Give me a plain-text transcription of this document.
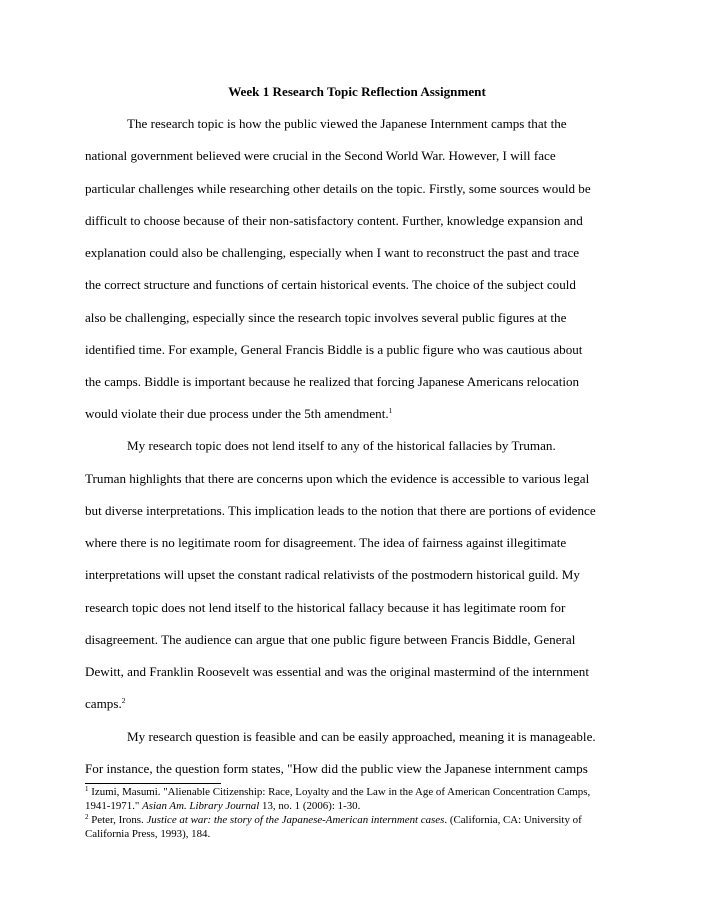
Week 1 Research Topic Reflection Assignment
The research topic is how the public viewed the Japanese Internment camps that the
national government believed were crucial in the Second World War. However, I will face
particular challenges while researching other details on the topic. Firstly, some sources would be
difficult to choose because of their non-satisfactory content. Further, knowledge expansion and
explanation could also be challenging, especially when I want to reconstruct the past and trace
the correct structure and functions of certain historical events. The choice of the subject could
also be challenging, especially since the research topic involves several public figures at the
identified time. For example, General Francis Biddle is a public figure who was cautious about
the camps. Biddle is important because he realized that forcing Japanese Americans relocation
would violate their due process under the 5th amendment.$^1$
My research topic does not lend itself to any of the historical fallacies by Truman.
Truman highlights that there are concerns upon which the evidence is accessible to various legal
but diverse interpretations. This implication leads to the notion that there are portions of evidence
where there is no legitimate room for disagreement. The idea of fairness against illegitimate
interpretations will upset the constant radical relativists of the postmodern historical guild. My
research topic does not lend itself to the historical fallacy because it has legitimate room for
disagreement. The audience can argue that one public figure between Francis Biddle, General
Dewitt, and Franklin Roosevelt was essential and was the original mastermind of the internment
camps.$^2$
My research question is feasible and can be easily approached, meaning it is manageable.
For instance, the question form states, "How did the public view the Japanese internment camps
$^1$ Izumi, Masumi. "Alienable Citizenship: Race, Loyalty and the Law in the Age of American Concentration Camps,
1941-1971." Asian Am. Library Journal 13, no. 1 (2006): 1-30.
$^2$ Peter, Irons. Justice at war: the story of the Japanese-American internment cases. (California, CA: University of
California Press, 1993), 184.
